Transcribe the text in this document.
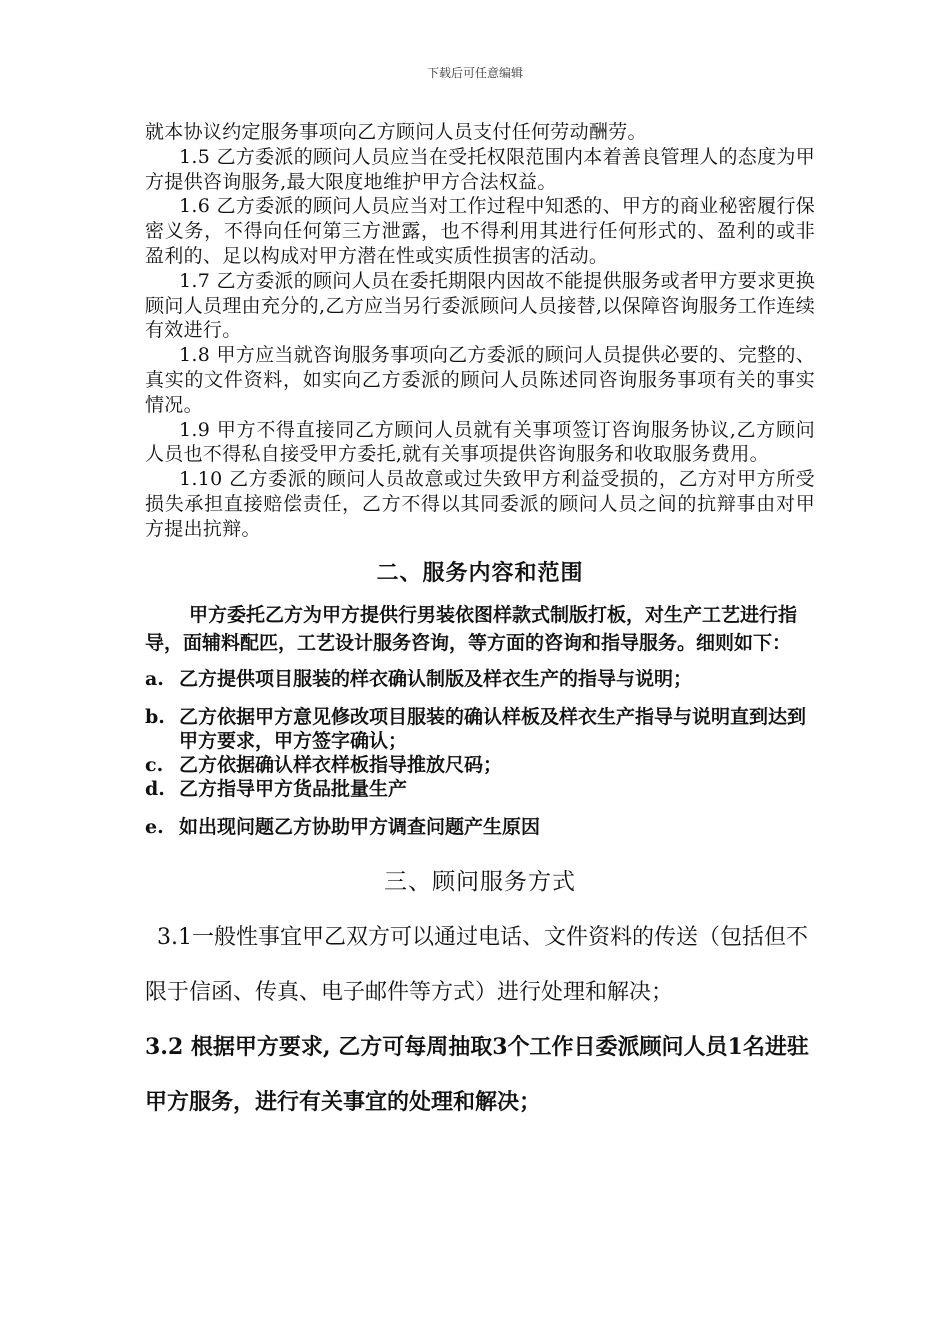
下载后可任意编辑

就本协议约定服务事项向乙方顾问人员支付任何劳动酬劳。

1.5 乙方委派的顾问人员应当在受托权限范围内本着善良管理人的态度为甲方提供咨询服务,最大限度地维护甲方合法权益。

1.6 乙方委派的顾问人员应当对工作过程中知悉的、甲方的商业秘密履行保密义务，不得向任何第三方泄露，也不得利用其进行任何形式的、盈利的或非盈利的、足以构成对甲方潜在性或实质性损害的活动。

1.7 乙方委派的顾问人员在委托期限内因故不能提供服务或者甲方要求更换顾问人员理由充分的,乙方应当另行委派顾问人员接替,以保障咨询服务工作连续有效进行。

1.8 甲方应当就咨询服务事项向乙方委派的顾问人员提供必要的、完整的、真实的文件资料，如实向乙方委派的顾问人员陈述同咨询服务事项有关的事实情况。

1.9 甲方不得直接同乙方顾问人员就有关事项签订咨询服务协议,乙方顾问人员也不得私自接受甲方委托,就有关事项提供咨询服务和收取服务费用。

1.10 乙方委派的顾问人员故意或过失致甲方利益受损的，乙方对甲方所受损失承担直接赔偿责任，乙方不得以其同委派的顾问人员之间的抗辩事由对甲方提出抗辩。

二、服务内容和范围

甲方委托乙方为甲方提供行男装依图样款式制版打板，对生产工艺进行指导，面辅料配匹，工艺设计服务咨询，等方面的咨询和指导服务。细则如下：

a. 乙方提供项目服装的样衣确认制版及样衣生产的指导与说明；
b. 乙方依据甲方意见修改项目服装的确认样板及样衣生产指导与说明直到达到甲方要求，甲方签字确认；
c. 乙方依据确认样衣样板指导推放尺码；
d. 乙方指导甲方货品批量生产
e. 如出现问题乙方协助甲方调查问题产生原因
三、顾问服务方式

3.1一般性事宜甲乙双方可以通过电话、文件资料的传送（包括但不限于信函、传真、电子邮件等方式）进行处理和解决；

3.2 根据甲方要求, 乙方可每周抽取3个工作日委派顾问人员1名进驻甲方服务，进行有关事宜的处理和解决；
